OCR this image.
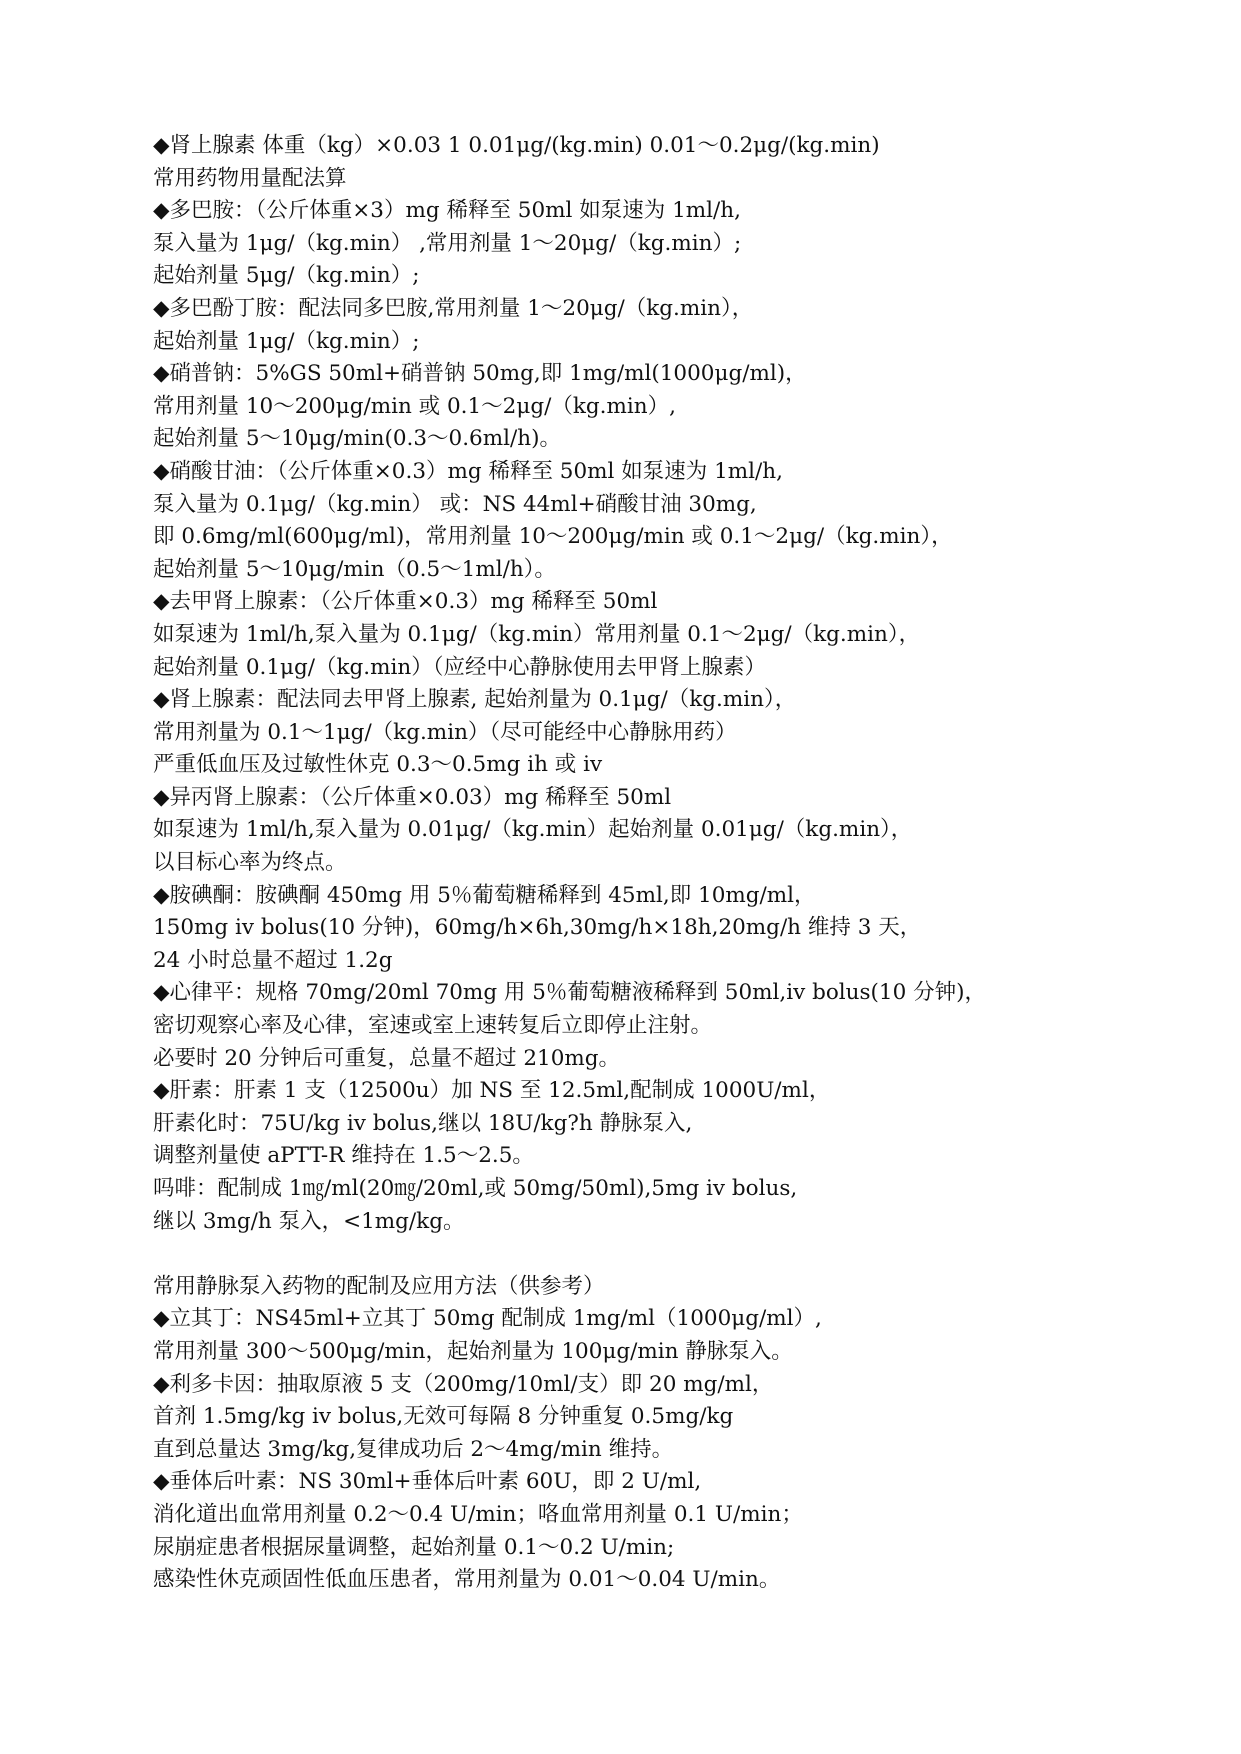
◆肾上腺素 体重（kg）×0.03 1 0.01μg/(kg.min) 0.01～0.2μg/(kg.min)
常用药物用量配法算
◆多巴胺：（公斤体重×3）mg 稀释至 50ml 如泵速为 1ml/h,
泵入量为 1μg/（kg.min） ,常用剂量 1～20μg/（kg.min）;
起始剂量 5μg/（kg.min）;
◆多巴酚丁胺：配法同多巴胺,常用剂量 1～20μg/（kg.min），
起始剂量 1μg/（kg.min）;
◆硝普钠：5%GS 50ml+硝普钠 50mg,即 1mg/ml(1000μg/ml)，
常用剂量 10～200μg/min 或 0.1～2μg/（kg.min）,
起始剂量 5～10μg/min(0.3～0.6ml/h)。
◆硝酸甘油：（公斤体重×0.3）mg 稀释至 50ml 如泵速为 1ml/h,
泵入量为 0.1μg/（kg.min） 或：NS 44ml+硝酸甘油 30mg,
即 0.6mg/ml(600μg/ml)，常用剂量 10～200μg/min 或 0.1～2μg/（kg.min），
起始剂量 5～10μg/min（0.5～1ml/h）。
◆去甲肾上腺素：（公斤体重×0.3）mg 稀释至 50ml
如泵速为 1ml/h,泵入量为 0.1μg/（kg.min）常用剂量 0.1～2μg/（kg.min），
起始剂量 0.1μg/（kg.min）（应经中心静脉使用去甲肾上腺素）
◆肾上腺素：配法同去甲肾上腺素, 起始剂量为 0.1μg/（kg.min），
常用剂量为 0.1～1μg/（kg.min）（尽可能经中心静脉用药）
严重低血压及过敏性休克 0.3～0.5mg ih 或 iv
◆异丙肾上腺素：（公斤体重×0.03）mg 稀释至 50ml
如泵速为 1ml/h,泵入量为 0.01μg/（kg.min）起始剂量 0.01μg/（kg.min），
以目标心率为终点。
◆胺碘酮：胺碘酮 450mg 用 5％葡萄糖稀释到 45ml,即 10mg/ml，
150mg iv bolus(10 分钟)，60mg/h×6h,30mg/h×18h,20mg/h 维持 3 天，
24 小时总量不超过 1.2g
◆心律平：规格 70mg/20ml 70mg 用 5％葡萄糖液稀释到 50ml,iv bolus(10 分钟)，
密切观察心率及心律，室速或室上速转复后立即停止注射。
必要时 20 分钟后可重复，总量不超过 210mg。
◆肝素：肝素 1 支（12500u）加 NS 至 12.5ml,配制成 1000U/ml，
肝素化时：75U/kg iv bolus,继以 18U/kg?h 静脉泵入,
调整剂量使 aPTT-R 维持在 1.5～2.5。
吗啡：配制成 1㎎/ml(20㎎/20ml,或 50mg/50ml),5mg iv bolus,
继以 3mg/h 泵入，<1mg/kg。
常用静脉泵入药物的配制及应用方法（供参考）
◆立其丁：NS45ml+立其丁 50mg 配制成 1mg/ml（1000μg/ml）,
常用剂量 300～500μg/min，起始剂量为 100μg/min 静脉泵入。
◆利多卡因：抽取原液 5 支（200mg/10ml/支）即 20 mg/ml，
首剂 1.5mg/kg iv bolus,无效可每隔 8 分钟重复 0.5mg/kg
直到总量达 3mg/kg,复律成功后 2～4mg/min 维持。
◆垂体后叶素：NS 30ml+垂体后叶素 60U，即 2 U/ml,
消化道出血常用剂量 0.2～0.4 U/min；咯血常用剂量 0.1 U/min；
尿崩症患者根据尿量调整，起始剂量 0.1～0.2 U/min;
感染性休克顽固性低血压患者，常用剂量为 0.01～0.04 U/min。
